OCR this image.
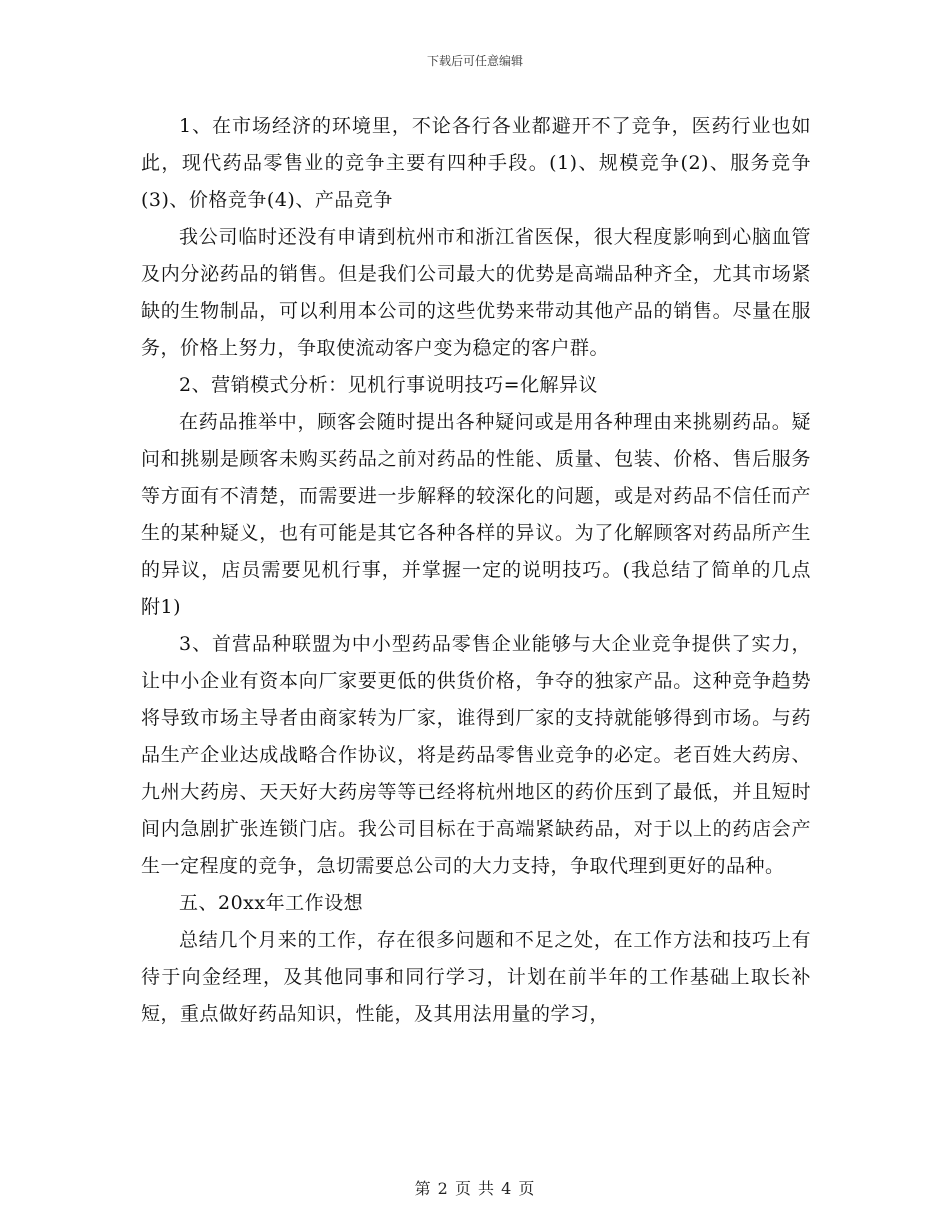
下载后可任意编辑

1、在市场经济的环境里，不论各行各业都避开不了竞争，医药行业也如此，现代药品零售业的竞争主要有四种手段。(1)、规模竞争(2)、服务竞争(3)、价格竞争(4)、产品竞争

我公司临时还没有申请到杭州市和浙江省医保，很大程度影响到心脑血管及内分泌药品的销售。但是我们公司最大的优势是高端品种齐全，尤其市场紧缺的生物制品，可以利用本公司的这些优势来带动其他产品的销售。尽量在服务，价格上努力，争取使流动客户变为稳定的客户群。

2、营销模式分析：见机行事说明技巧=化解异议

在药品推举中，顾客会随时提出各种疑问或是用各种理由来挑剔药品。疑问和挑剔是顾客未购买药品之前对药品的性能、质量、包装、价格、售后服务等方面有不清楚，而需要进一步解释的较深化的问题，或是对药品不信任而产生的某种疑义，也有可能是其它各种各样的异议。为了化解顾客对药品所产生的异议，店员需要见机行事，并掌握一定的说明技巧。(我总结了简单的几点附1)

3、首营品种联盟为中小型药品零售企业能够与大企业竞争提供了实力，让中小企业有资本向厂家要更低的供货价格，争夺的独家产品。这种竞争趋势将导致市场主导者由商家转为厂家，谁得到厂家的支持就能够得到市场。与药品生产企业达成战略合作协议，将是药品零售业竞争的必定。老百姓大药房、九州大药房、天天好大药房等等已经将杭州地区的药价压到了最低，并且短时间内急剧扩张连锁门店。我公司目标在于高端紧缺药品，对于以上的药店会产生一定程度的竞争，急切需要总公司的大力支持，争取代理到更好的品种。

五、20xx年工作设想

总结几个月来的工作，存在很多问题和不足之处，在工作方法和技巧上有待于向金经理，及其他同事和同行学习，计划在前半年的工作基础上取长补短，重点做好药品知识，性能，及其用法用量的学习，

第 2 页 共 4 页
